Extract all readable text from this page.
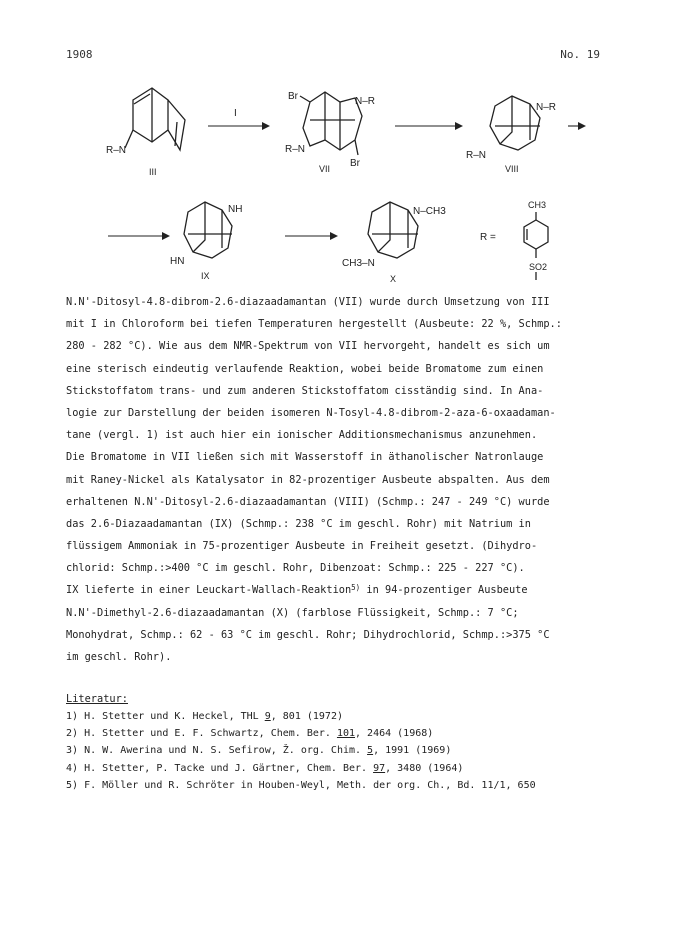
1908	No. 19
R–N
III
I
Br	N–R
R–N
Br
VII
N–R
R–N
VIII
NH
HN
IX
N–CH3
CH3–N
X
R =
CH3
SO2
N.N'-Ditosyl-4.8-dibrom-2.6-diazaadamantan (VII) wurde durch Umsetzung von III
mit I in Chloroform bei tiefen Temperaturen hergestellt (Ausbeute: 22 %, Schmp.:
280 - 282 °C). Wie aus dem NMR-Spektrum von VII hervorgeht, handelt es sich um
eine sterisch eindeutig verlaufende Reaktion, wobei beide Bromatome zum einen
Stickstoffatom trans- und zum anderen Stickstoffatom cisständig sind. In Ana-
logie zur Darstellung der beiden isomeren N-Tosyl-4.8-dibrom-2-aza-6-oxaadaman-
tane (vergl. 1) ist auch hier ein ionischer Additionsmechanismus anzunehmen.
Die Bromatome in VII ließen sich mit Wasserstoff in äthanolischer Natronlauge
mit Raney-Nickel als Katalysator in 82-prozentiger Ausbeute abspalten. Aus dem
erhaltenen N.N'-Ditosyl-2.6-diazaadamantan (VIII) (Schmp.: 247 - 249 °C) wurde
das 2.6-Diazaadamantan (IX) (Schmp.: 238 °C im geschl. Rohr) mit Natrium in
flüssigem Ammoniak in 75-prozentiger Ausbeute in Freiheit gesetzt. (Dihydro-
chlorid: Schmp.:>400 °C im geschl. Rohr, Dibenzoat: Schmp.: 225 - 227 °C).
IX lieferte in einer Leuckart-Wallach-Reaktion$^{5)}$ in 94-prozentiger Ausbeute
N.N'-Dimethyl-2.6-diazaadamantan (X) (farblose Flüssigkeit, Schmp.: 7 °C;
Monohydrat, Schmp.: 62 - 63 °C im geschl. Rohr; Dihydrochlorid, Schmp.:>375 °C
im geschl. Rohr).
Literatur:
1) H. Stetter und K. Heckel, THL 9, 801 (1972)
2) H. Stetter und E. F. Schwartz, Chem. Ber. 101, 2464 (1968)
3) N. W. Awerina und N. S. Sefirow, Ž. org. Chim. 5, 1991 (1969)
4) H. Stetter, P. Tacke und J. Gärtner, Chem. Ber. 97, 3480 (1964)
5) F. Möller und R. Schröter in Houben-Weyl, Meth. der org. Ch., Bd. 11/1, 650
